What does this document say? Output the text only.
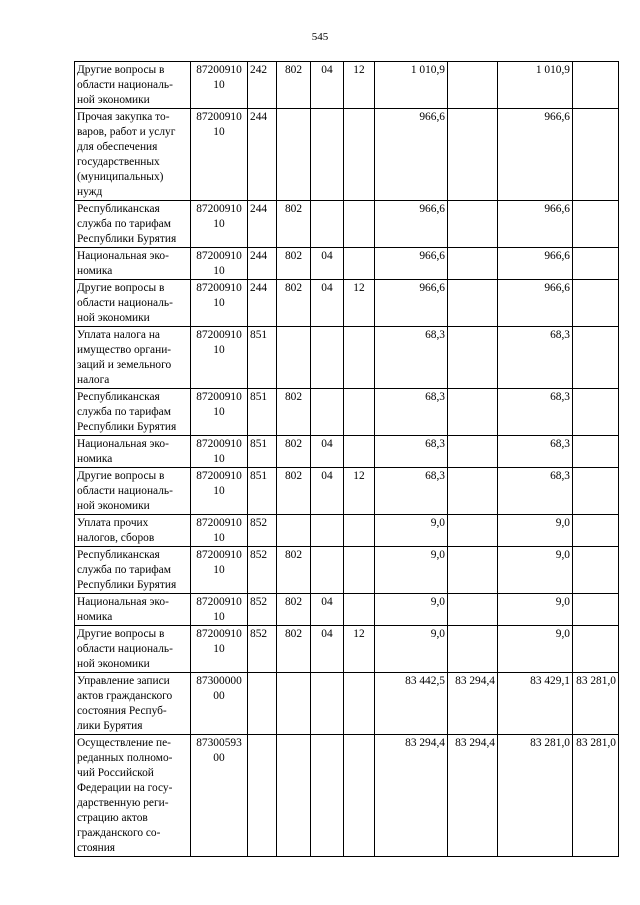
545
Другие вопросы в области националь-ной экономики	87200910 10	242	802	04	12	1 010,9		1 010,9	
Прочая закупка то-варов, работ и услуг для обеспечения государственных (муниципальных) нужд	87200910 10	244				966,6		966,6	
Республиканская служба по тарифам Республики Бурятия	87200910 10	244	802			966,6		966,6	
Национальная эко-номика	87200910 10	244	802	04		966,6		966,6	
Другие вопросы в области националь-ной экономики	87200910 10	244	802	04	12	966,6		966,6	
Уплата налога на имущество органи-заций и земельного налога	87200910 10	851				68,3		68,3	
Республиканская служба по тарифам Республики Бурятия	87200910 10	851	802			68,3		68,3	
Национальная эко-номика	87200910 10	851	802	04		68,3		68,3	
Другие вопросы в области националь-ной экономики	87200910 10	851	802	04	12	68,3		68,3	
Уплата прочих налогов, сборов	87200910 10	852				9,0		9,0	
Республиканская служба по тарифам Республики Бурятия	87200910 10	852	802			9,0		9,0	
Национальная эко-номика	87200910 10	852	802	04		9,0		9,0	
Другие вопросы в области националь-ной экономики	87200910 10	852	802	04	12	9,0		9,0	
Управление записи актов гражданского состояния Респуб-лики Бурятия	87300000 00					83 442,5	83 294,4	83 429,1	83 281,0
Осуществление пе-реданных полномо-чий Российской Федерации на госу-дарственную реги-страцию актов гражданского со-стояния	87300593 00					83 294,4	83 294,4	83 281,0	83 281,0
